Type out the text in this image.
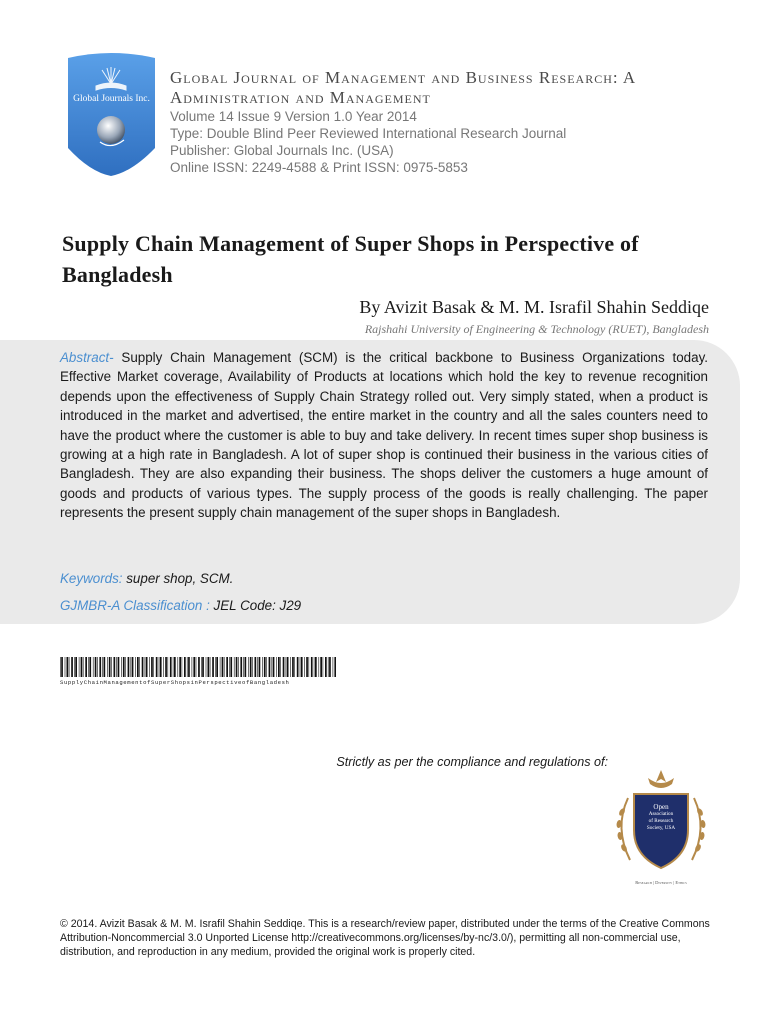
Global Journals Inc.

Global Journal of Management and Business Research: A

Administration and Management

Volume 14 Issue 9 Version 1.0 Year 2014

Type: Double Blind Peer Reviewed International Research Journal

Publisher: Global Journals Inc. (USA)

Online ISSN: 2249-4588 & Print ISSN: 0975-5853

Supply Chain Management of Super Shops in Perspective of Bangladesh

By Avizit Basak & M. M. Israfil Shahin Seddiqe

Rajshahi University of Engineering & Technology (RUET), Bangladesh

Abstract- Supply Chain Management (SCM) is the critical backbone to Business Organizations today. Effective Market coverage, Availability of Products at locations which hold the key to revenue recognition depends upon the effectiveness of Supply Chain Strategy rolled out. Very simply stated, when a product is introduced in the market and advertised, the entire market in the country and all the sales counters need to have the product where the customer is able to buy and take delivery. In recent times super shop business is growing at a high rate in Bangladesh. A lot of super shop is continued their business in the various cities of Bangladesh. They are also expanding their business. The shops deliver the customers a huge amount of goods and products of various types. The supply process of the goods is really challenging. The paper represents the present supply chain management of the super shops in Bangladesh.

Keywords: super shop, SCM.

GJMBR-A Classification : JEL Code: J29

SupplyChainManagementofSuperShopsinPerspectiveofBangladesh

Strictly as per the compliance and regulations of:

Open
Association
of Research
Society, USA

Research | Diversity | Ethics

© 2014. Avizit Basak & M. M. Israfil Shahin Seddiqe. This is a research/review paper, distributed under the terms of the Creative Commons Attribution-Noncommercial 3.0 Unported License http://creativecommons.org/licenses/by-nc/3.0/), permitting all non-commercial use, distribution, and reproduction in any medium, provided the original work is properly cited.
